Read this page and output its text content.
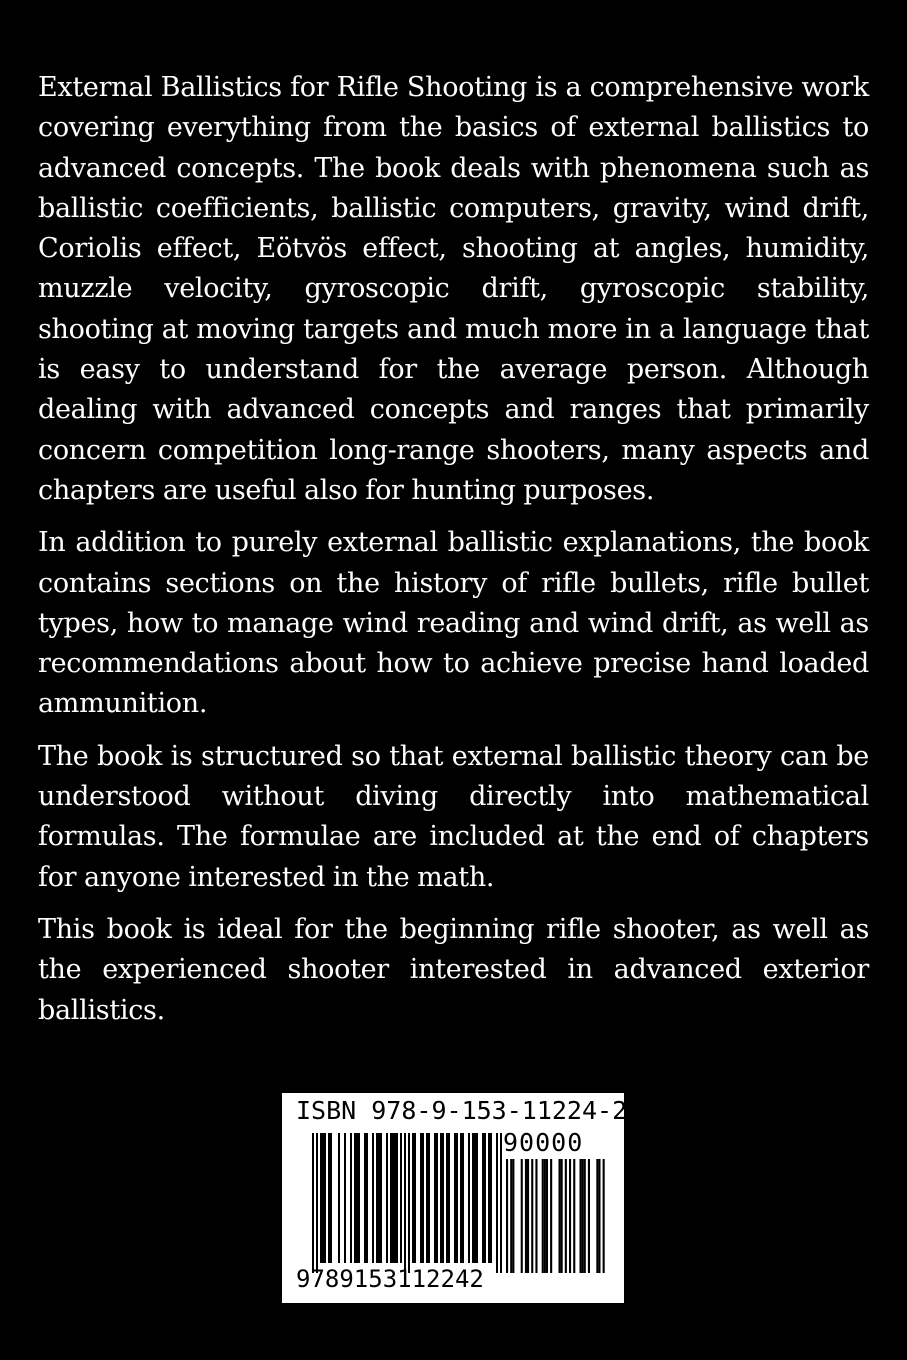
External Ballistics for Rifle Shooting is a comprehensive work covering everything from the basics of external ballistics to advanced concepts. The book deals with phenomena such as ballistic coefficients, ballistic computers, gravity, wind drift, Coriolis effect, Eötvös effect, shooting at angles, humidity, muzzle velocity, gyroscopic drift, gyroscopic stability, shooting at moving targets and much more in a language that is easy to understand for the average person. Although dealing with advanced concepts and ranges that primarily concern competition long-range shooters, many aspects and chapters are useful also for hunting purposes.

In addition to purely external ballistic explanations, the book contains sections on the history of rifle bullets, rifle bullet types, how to manage wind reading and wind drift, as well as recommendations about how to achieve precise hand loaded ammunition.

The book is structured so that external ballistic theory can be understood without diving directly into mathematical formulas. The formulae are included at the end of chapters for anyone interested in the math.

This book is ideal for the beginning rifle shooter, as well as the experienced shooter interested in advanced exterior ballistics.

ISBN 978-9-153-11224-2
90000
9789153112242
